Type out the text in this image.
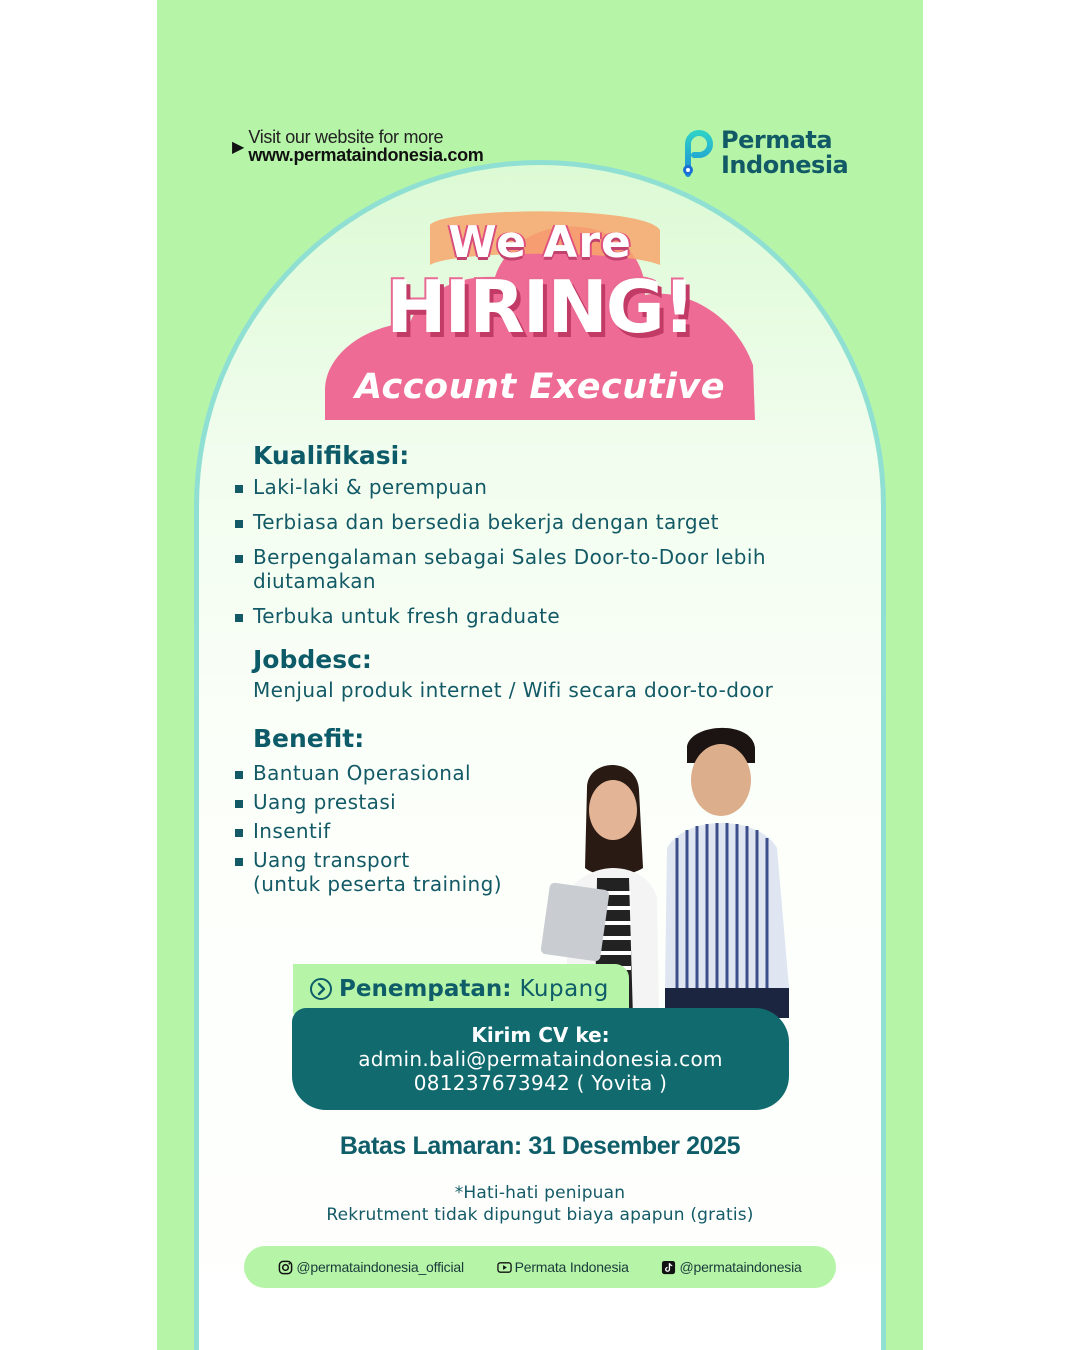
▶ Visit our website for more
www.permataindonesia.com
Permata
Indonesia
We Are
HIRING!
Account Executive
Kualifikasi:
Laki-laki & perempuan
Terbiasa dan bersedia bekerja dengan target
Berpengalaman sebagai Sales Door-to-Door lebih
diutamakan
Terbuka untuk fresh graduate
Jobdesc:
Menjual produk internet / Wifi secara door-to-door
Benefit:
Bantuan Operasional
Uang prestasi
Insentif
Uang transport
(untuk peserta training)
Penempatan: Kupang
Kirim CV ke:
admin.bali@permataindonesia.com
081237673942 ( Yovita )
Batas Lamaran: 31 Desember 2025
*Hati-hati penipuan
Rekrutment tidak dipungut biaya apapun (gratis)
@permataindonesia_official	Permata Indonesia	@permataindonesia
